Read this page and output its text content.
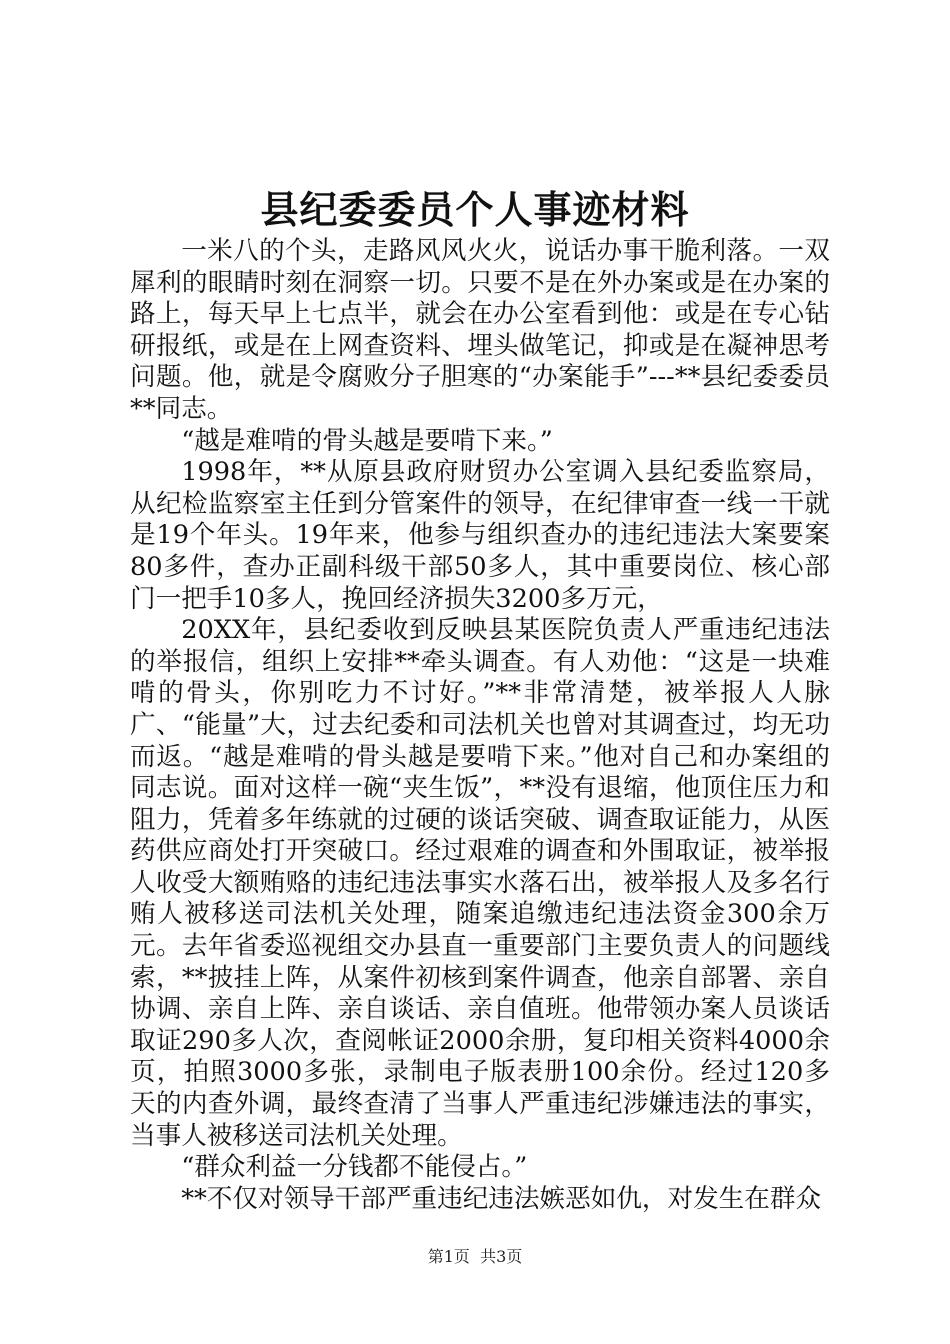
县纪委委员个人事迹材料

一米八的个头，走路风风火火，说话办事干脆利落。一双犀利的眼睛时刻在洞察一切。只要不是在外办案或是在办案的路上，每天早上七点半，就会在办公室看到他：或是在专心钻研报纸，或是在上网查资料、埋头做笔记，抑或是在凝神思考问题。他，就是令腐败分子胆寒的“办案能手”---**县纪委委员**同志。

“越是难啃的骨头越是要啃下来。”

1998年，**从原县政府财贸办公室调入县纪委监察局，从纪检监察室主任到分管案件的领导，在纪律审查一线一干就是19个年头。19年来，他参与组织查办的违纪违法大案要案80多件，查办正副科级干部50多人，其中重要岗位、核心部门一把手10多人，挽回经济损失3200多万元，

20XX年，县纪委收到反映县某医院负责人严重违纪违法的举报信，组织上安排**牵头调查。有人劝他：“这是一块难啃的骨头，你别吃力不讨好。”**非常清楚，被举报人人脉广、“能量”大，过去纪委和司法机关也曾对其调查过，均无功而返。“越是难啃的骨头越是要啃下来。”他对自己和办案组的同志说。面对这样一碗“夹生饭”，**没有退缩，他顶住压力和阻力，凭着多年练就的过硬的谈话突破、调查取证能力，从医药供应商处打开突破口。经过艰难的调查和外围取证，被举报人收受大额贿赂的违纪违法事实水落石出，被举报人及多名行贿人被移送司法机关处理，随案追缴违纪违法资金300余万元。去年省委巡视组交办县直一重要部门主要负责人的问题线索，**披挂上阵，从案件初核到案件调查，他亲自部署、亲自协调、亲自上阵、亲自谈话、亲自值班。他带领办案人员谈话取证290多人次，查阅帐证2000余册，复印相关资料4000余页，拍照3000多张，录制电子版表册100余份。经过120多天的内查外调，最终查清了当事人严重违纪涉嫌违法的事实，当事人被移送司法机关处理。

“群众利益一分钱都不能侵占。”

**不仅对领导干部严重违纪违法嫉恶如仇，对发生在群众

第1页  共3页
